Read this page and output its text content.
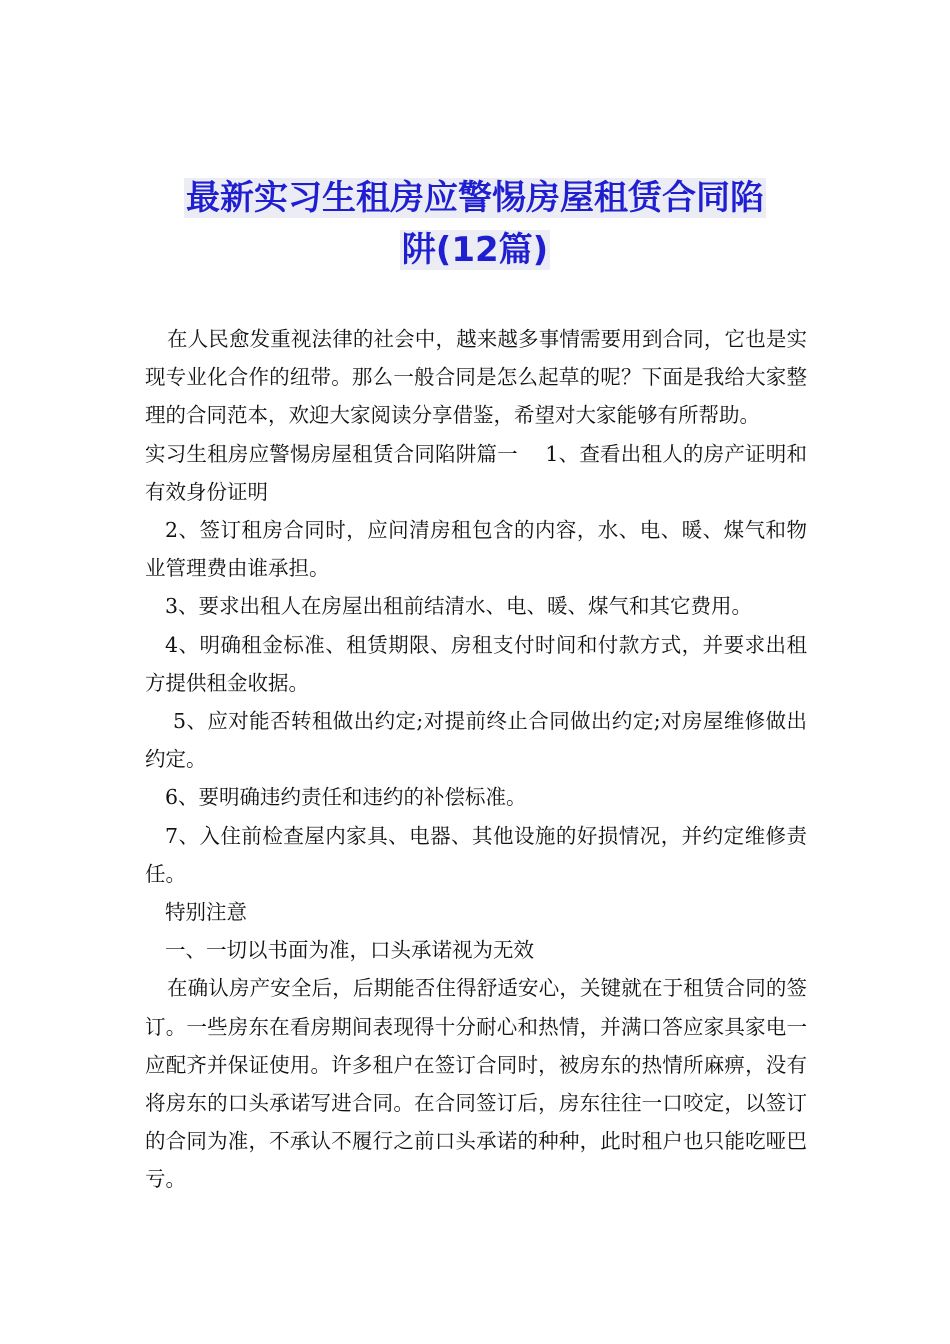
最新实习生租房应警惕房屋租赁合同陷
阱(12篇)

在人民愈发重视法律的社会中，越来越多事情需要用到合同，它也是实现专业化合作的纽带。那么一般合同是怎么起草的呢？下面是我给大家整理的合同范本，欢迎大家阅读分享借鉴，希望对大家能够有所帮助。

实习生租房应警惕房屋租赁合同陷阱篇一　 1、查看出租人的房产证明和有效身份证明

2、签订租房合同时，应问清房租包含的内容，水、电、暖、煤气和物业管理费由谁承担。

3、要求出租人在房屋出租前结清水、电、暖、煤气和其它费用。

4、明确租金标准、租赁期限、房租支付时间和付款方式，并要求出租方提供租金收据。

5、应对能否转租做出约定;对提前终止合同做出约定;对房屋维修做出约定。

6、要明确违约责任和违约的补偿标准。

7、入住前检查屋内家具、电器、其他设施的好损情况，并约定维修责任。

特别注意

一、一切以书面为准，口头承诺视为无效

在确认房产安全后，后期能否住得舒适安心，关键就在于租赁合同的签订。一些房东在看房期间表现得十分耐心和热情，并满口答应家具家电一应配齐并保证使用。许多租户在签订合同时，被房东的热情所麻痹，没有将房东的口头承诺写进合同。在合同签订后，房东往往一口咬定，以签订的合同为准，不承认不履行之前口头承诺的种种，此时租户也只能吃哑巴亏。
